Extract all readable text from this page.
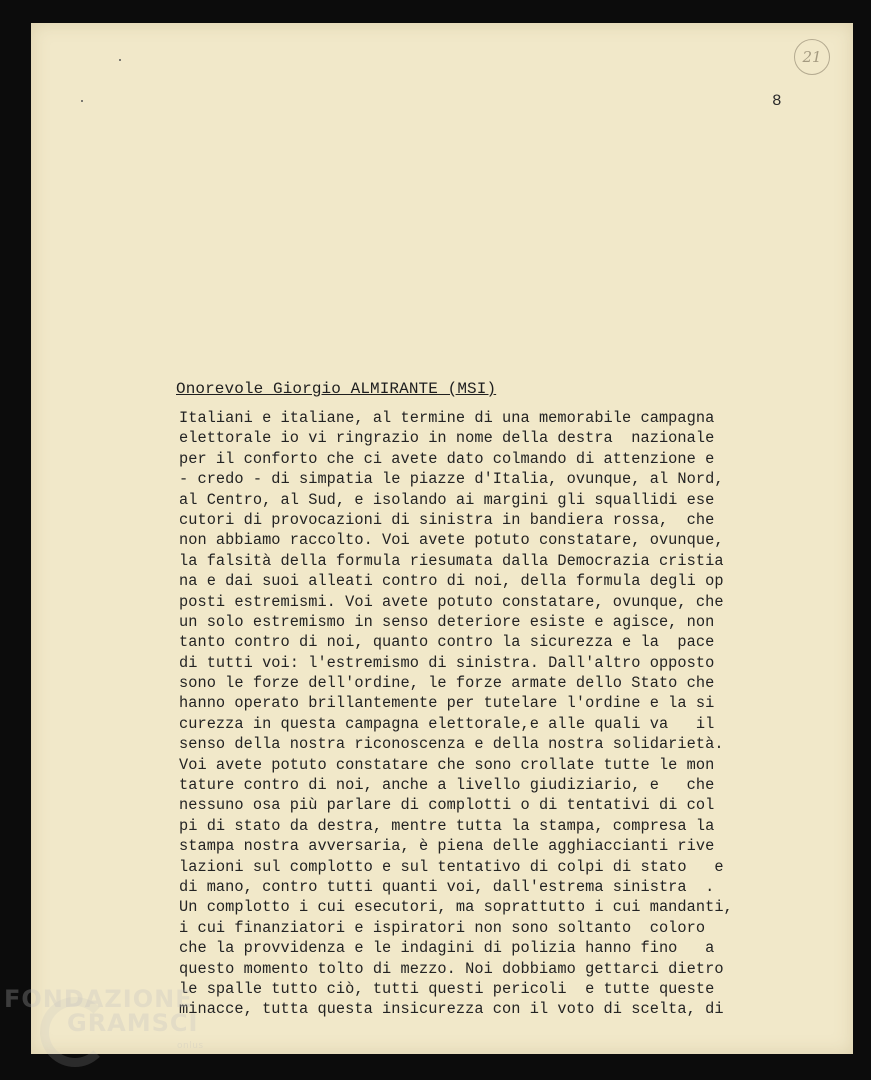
21
8
Onorevole Giorgio ALMIRANTE (MSI)
Italiani e italiane, al termine di una memorabile campagna
elettorale io vi ringrazio in nome della destra  nazionale
per il conforto che ci avete dato colmando di attenzione e
- credo - di simpatia le piazze d'Italia, ovunque, al Nord,
al Centro, al Sud, e isolando ai margini gli squallidi ese
cutori di provocazioni di sinistra in bandiera rossa,  che
non abbiamo raccolto. Voi avete potuto constatare, ovunque,
la falsità della formula riesumata dalla Democrazia cristia
na e dai suoi alleati contro di noi, della formula degli op
posti estremismi. Voi avete potuto constatare, ovunque, che
un solo estremismo in senso deteriore esiste e agisce, non
tanto contro di noi, quanto contro la sicurezza e la  pace
di tutti voi: l'estremismo di sinistra. Dall'altro opposto
sono le forze dell'ordine, le forze armate dello Stato che
hanno operato brillantemente per tutelare l'ordine e la si
curezza in questa campagna elettorale,e alle quali va   il
senso della nostra riconoscenza e della nostra solidarietà.
Voi avete potuto constatare che sono crollate tutte le mon
tature contro di noi, anche a livello giudiziario, e   che
nessuno osa più parlare di complotti o di tentativi di col
pi di stato da destra, mentre tutta la stampa, compresa la
stampa nostra avversaria, è piena delle agghiaccianti rive
lazioni sul complotto e sul tentativo di colpi di stato   e
di mano, contro tutti quanti voi, dall'estrema sinistra  .
Un complotto i cui esecutori, ma soprattutto i cui mandanti,
i cui finanziatori e ispiratori non sono soltanto  coloro
che la provvidenza e le indagini di polizia hanno fino   a
questo momento tolto di mezzo. Noi dobbiamo gettarci dietro
le spalle tutto ciò, tutti questi pericoli  e tutte queste
minacce, tutta questa insicurezza con il voto di scelta, di
FONDAZIONE
GRAMSCI
onlus
